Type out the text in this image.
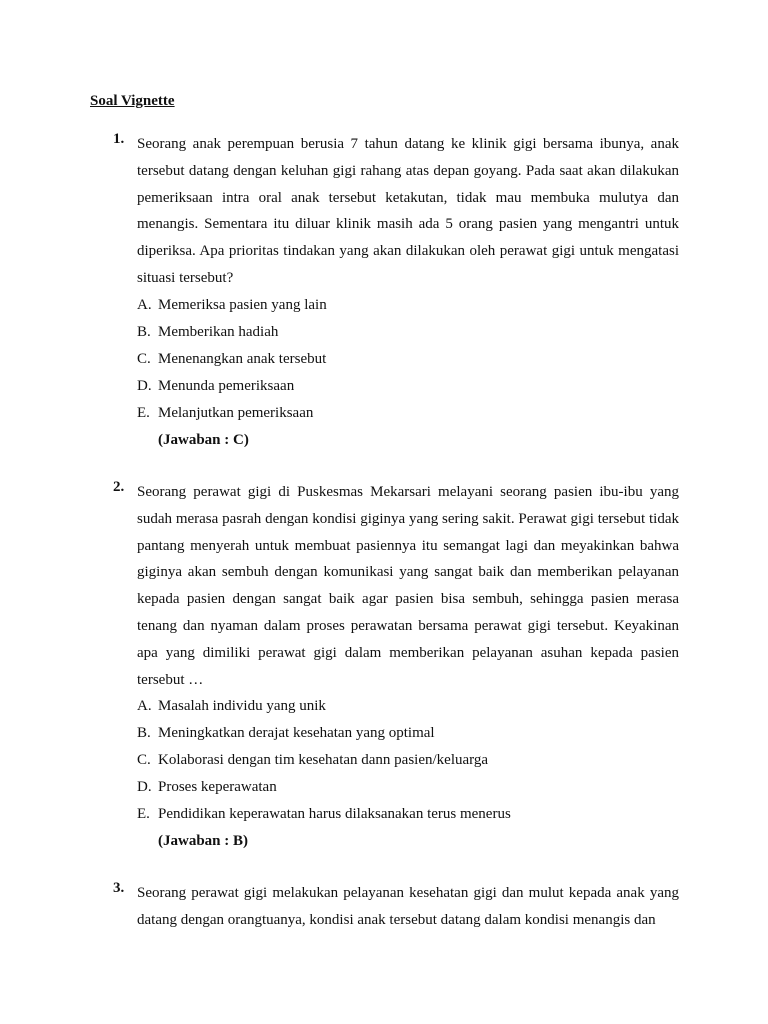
Soal Vignette
1. Seorang anak perempuan berusia 7 tahun datang ke klinik gigi bersama ibunya, anak tersebut datang dengan keluhan gigi rahang atas depan goyang. Pada saat akan dilakukan pemeriksaan intra oral anak tersebut ketakutan, tidak mau membuka mulutya dan menangis. Sementara itu diluar klinik masih ada 5 orang pasien yang mengantri untuk diperiksa. Apa prioritas tindakan yang akan dilakukan oleh perawat gigi untuk mengatasi situasi tersebut?

A. Memeriksa pasien yang lain
B. Memberikan hadiah
C. Menenangkan anak tersebut
D. Menunda pemeriksaan
E. Melanjutkan pemeriksaan
(Jawaban : C)
2. Seorang perawat gigi di Puskesmas Mekarsari melayani seorang pasien ibu-ibu yang sudah merasa pasrah dengan kondisi giginya yang sering sakit. Perawat gigi tersebut tidak pantang menyerah untuk membuat pasiennya itu semangat lagi dan meyakinkan bahwa giginya akan sembuh dengan komunikasi yang sangat baik dan memberikan pelayanan kepada pasien dengan sangat baik agar pasien bisa sembuh, sehingga pasien merasa tenang dan nyaman dalam proses perawatan bersama perawat gigi tersebut. Keyakinan apa yang dimiliki perawat gigi dalam memberikan pelayanan asuhan kepada pasien tersebut …

A. Masalah individu yang unik
B. Meningkatkan derajat kesehatan yang optimal
C. Kolaborasi dengan tim kesehatan dann pasien/keluarga
D. Proses keperawatan
E. Pendidikan keperawatan harus dilaksanakan terus menerus
(Jawaban : B)
3. Seorang perawat gigi melakukan pelayanan kesehatan gigi dan mulut kepada anak yang datang dengan orangtuanya, kondisi anak tersebut datang dalam kondisi menangis dan
